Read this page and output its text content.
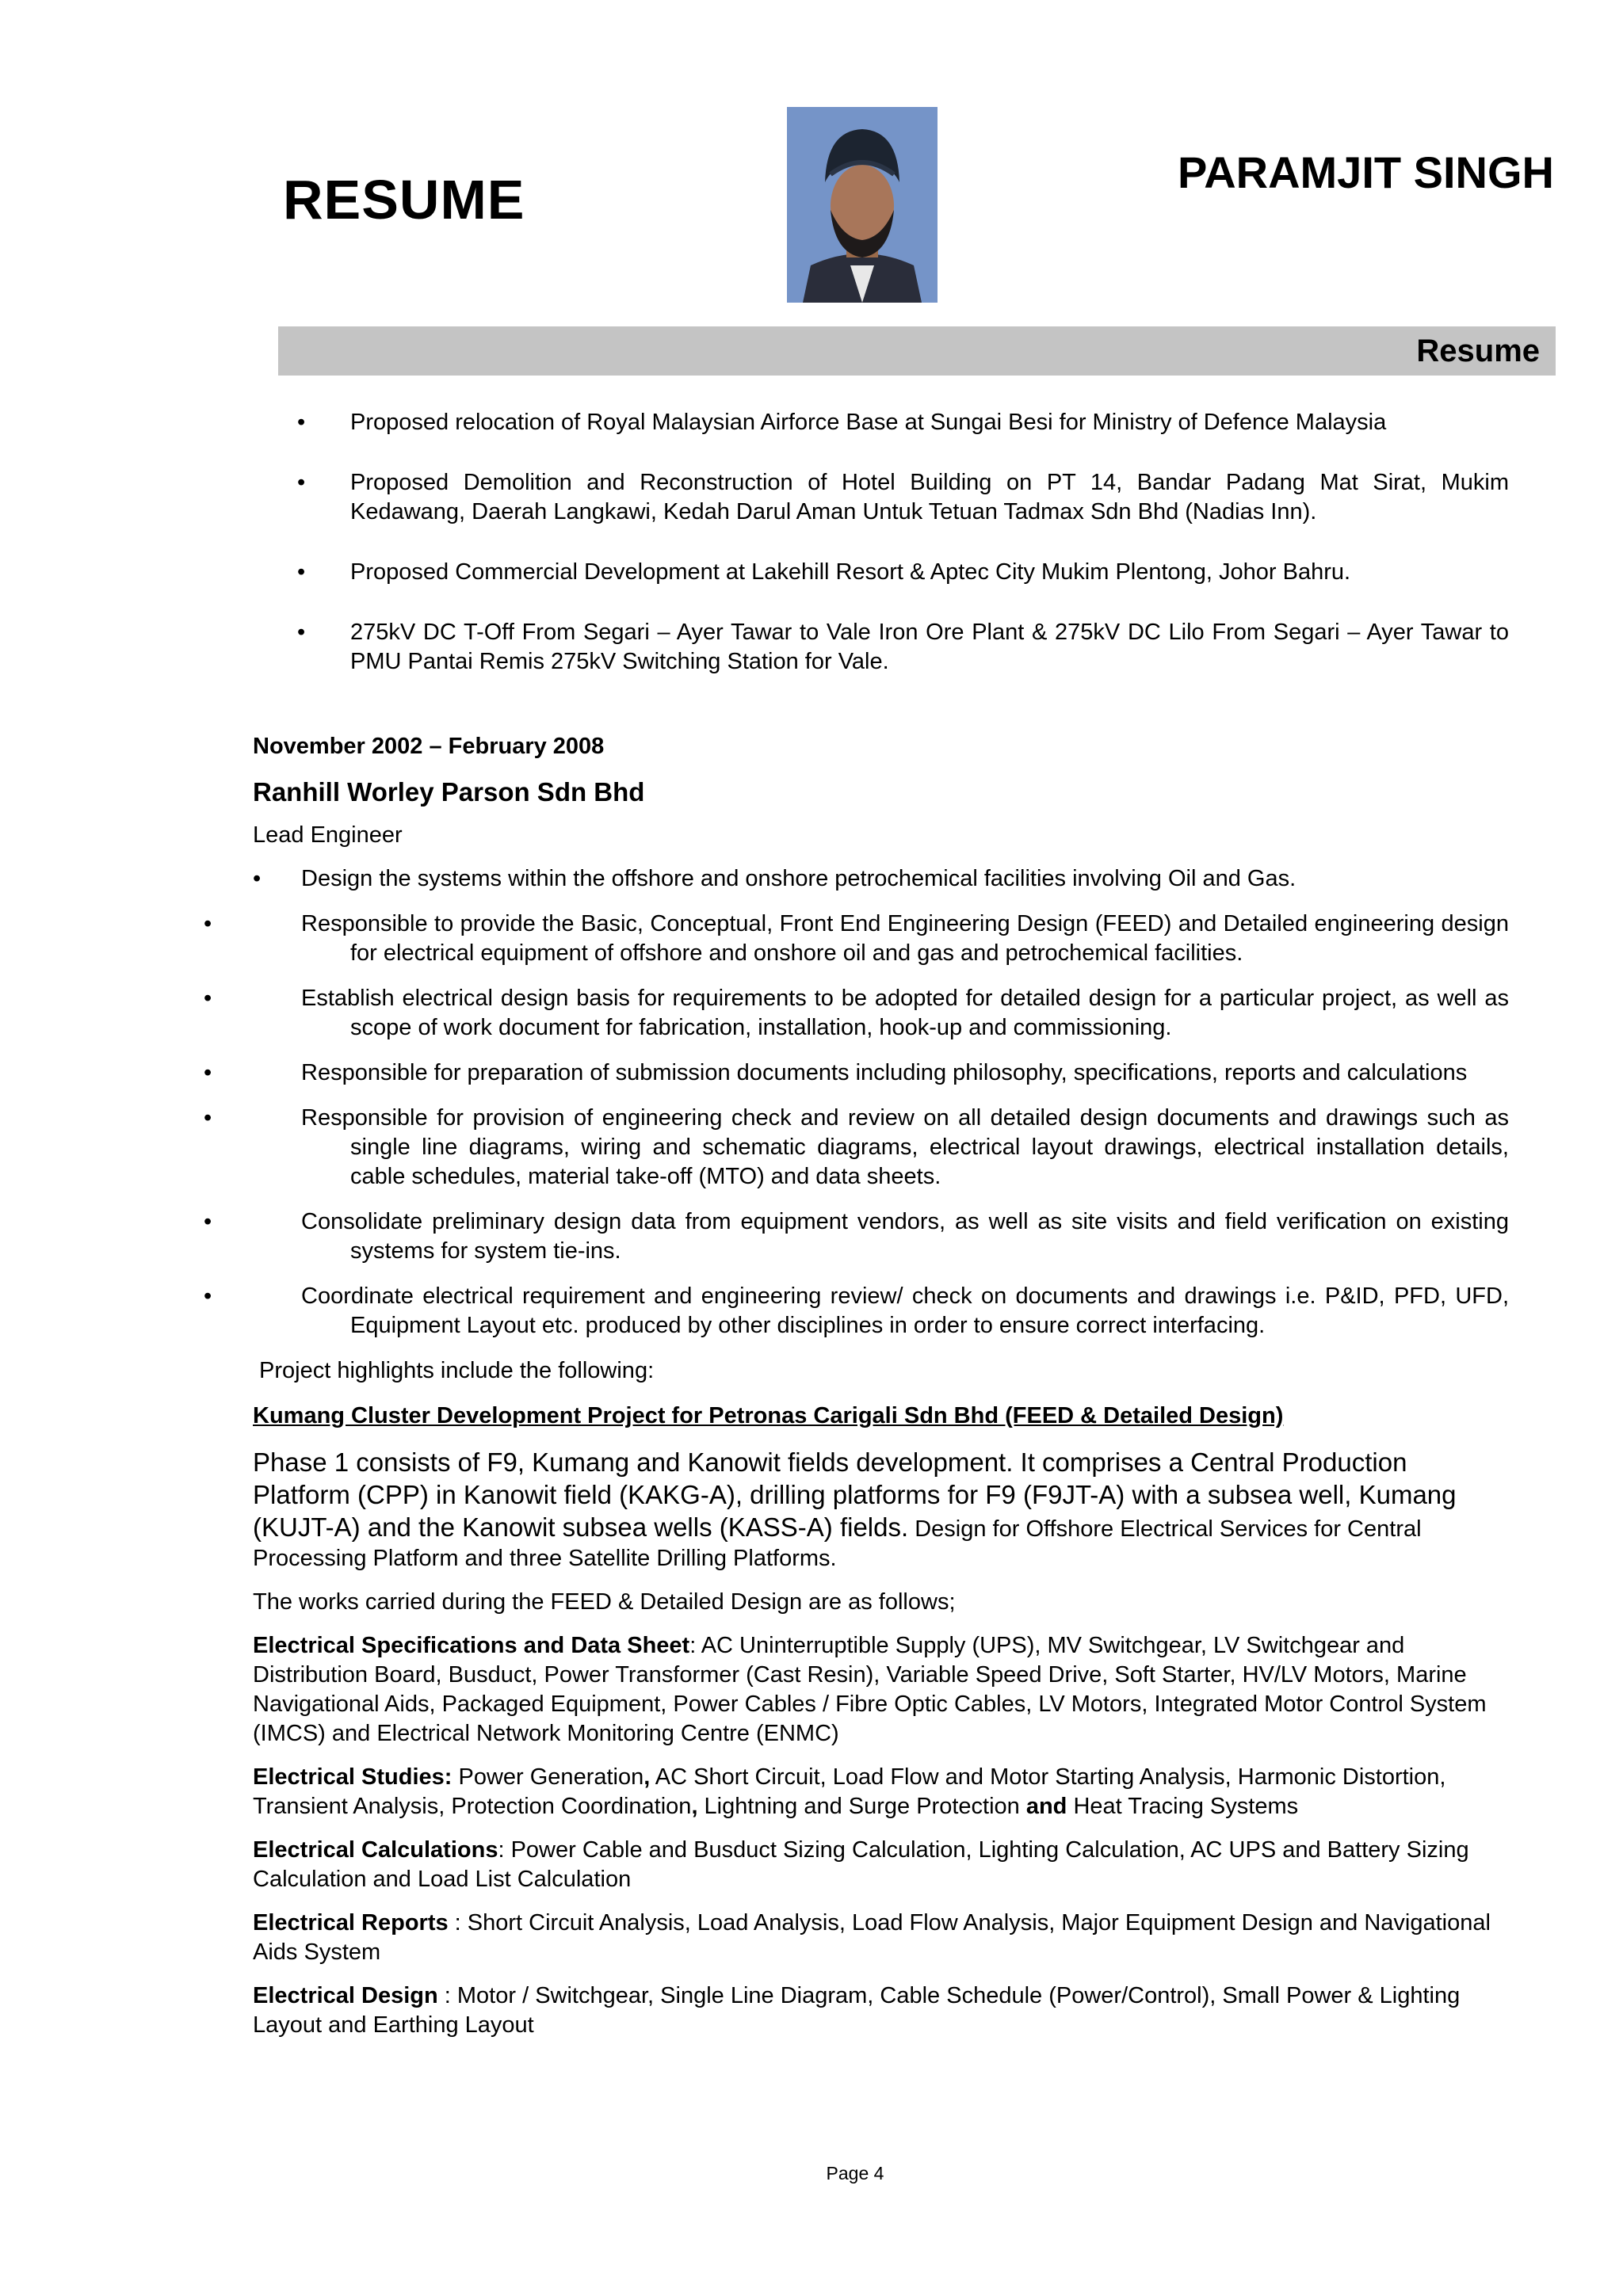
RESUME	PARAMJIT SINGH
Resume
• Proposed relocation of Royal Malaysian Airforce Base at Sungai Besi for Ministry of Defence Malaysia
• Proposed Demolition and Reconstruction of Hotel Building on PT 14, Bandar Padang Mat Sirat, Mukim Kedawang, Daerah Langkawi, Kedah Darul Aman Untuk Tetuan Tadmax Sdn Bhd (Nadias Inn).
• Proposed Commercial Development at Lakehill Resort & Aptec City Mukim Plentong, Johor Bahru.
• 275kV DC T-Off From Segari – Ayer Tawar to Vale Iron Ore Plant & 275kV DC Lilo From Segari – Ayer Tawar to PMU Pantai Remis 275kV Switching Station for Vale.
November 2002 – February 2008
Ranhill Worley Parson Sdn Bhd
Lead Engineer
• Design the systems within the offshore and onshore petrochemical facilities involving Oil and Gas.
• Responsible to provide the Basic, Conceptual, Front End Engineering Design (FEED) and Detailed engineering design for electrical equipment of offshore and onshore oil and gas and petrochemical facilities.
• Establish electrical design basis for requirements to be adopted for detailed design for a particular project, as well as scope of work document for fabrication, installation, hook-up and commissioning.
• Responsible for preparation of submission documents including philosophy, specifications, reports and calculations
• Responsible for provision of engineering check and review on all detailed design documents and drawings such as single line diagrams, wiring and schematic diagrams, electrical layout drawings, electrical installation details, cable schedules, material take-off (MTO) and data sheets.
• Consolidate preliminary design data from equipment vendors, as well as site visits and field verification on existing systems for system tie-ins.
• Coordinate electrical requirement and engineering review/ check on documents and drawings i.e. P&ID, PFD, UFD, Equipment Layout etc. produced by other disciplines in order to ensure correct interfacing.
Project highlights include the following:
Kumang Cluster Development Project for Petronas Carigali Sdn Bhd (FEED & Detailed Design)
Phase 1 consists of F9, Kumang and Kanowit fields development. It comprises a Central Production Platform (CPP) in Kanowit field (KAKG-A), drilling platforms for F9 (F9JT-A) with a subsea well, Kumang (KUJT-A) and the Kanowit subsea wells (KASS-A) fields. Design for Offshore Electrical Services for Central Processing Platform and three Satellite Drilling Platforms.
The works carried during the FEED & Detailed Design are as follows;
Electrical Specifications and Data Sheet: AC Uninterruptible Supply (UPS), MV Switchgear, LV Switchgear and Distribution Board, Busduct, Power Transformer (Cast Resin), Variable Speed Drive, Soft Starter, HV/LV Motors, Marine Navigational Aids, Packaged Equipment, Power Cables / Fibre Optic Cables, LV Motors, Integrated Motor Control System (IMCS) and Electrical Network Monitoring Centre (ENMC)
Electrical Studies: Power Generation, AC Short Circuit, Load Flow and Motor Starting Analysis, Harmonic Distortion, Transient Analysis, Protection Coordination, Lightning and Surge Protection and Heat Tracing Systems
Electrical Calculations: Power Cable and Busduct Sizing Calculation, Lighting Calculation, AC UPS and Battery Sizing Calculation and Load List Calculation
Electrical Reports : Short Circuit Analysis, Load Analysis, Load Flow Analysis, Major Equipment Design and Navigational Aids System
Electrical Design : Motor / Switchgear, Single Line Diagram, Cable Schedule (Power/Control), Small Power & Lighting Layout and Earthing Layout
Page 4
